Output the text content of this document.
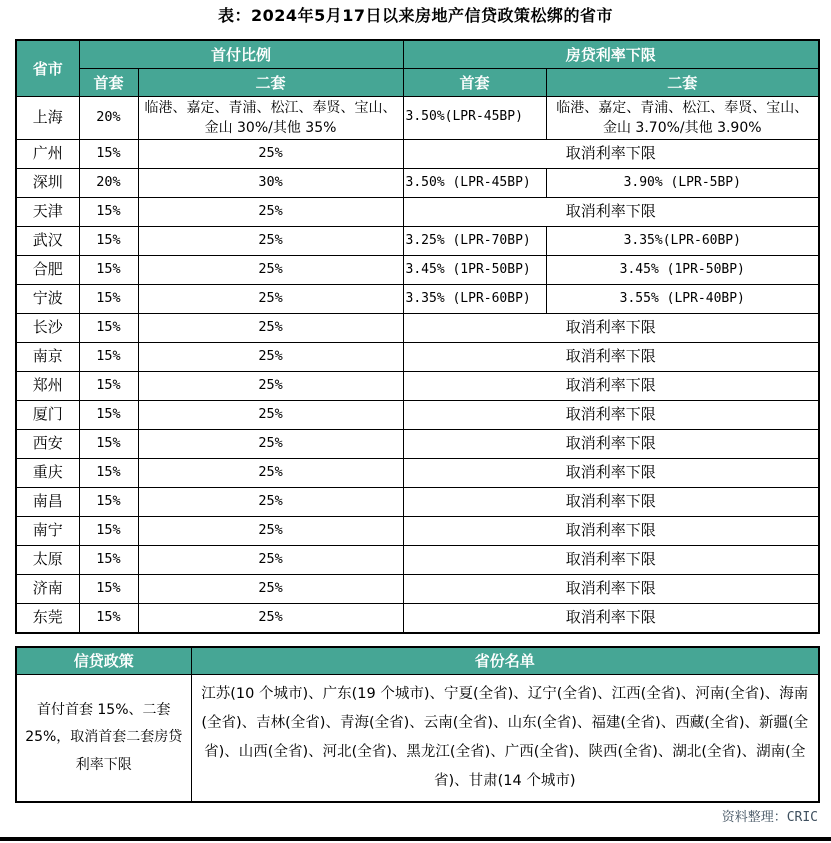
表：2024年5月17日以来房地产信贷政策松绑的省市
省市	首付比例		房贷利率下限	
	首套	二套	首套	二套
上海	20%	临港、嘉定、青浦、松江、奉贤、宝山、金山 30%/其他 35%	3.50%(LPR-45BP)	临港、嘉定、青浦、松江、奉贤、宝山、金山 3.70%/其他 3.90%
广州	15%	25%	取消利率下限	
深圳	20%	30%	3.50% (LPR-45BP)	3.90% (LPR-5BP)
天津	15%	25%	取消利率下限	
武汉	15%	25%	3.25% (LPR-70BP)	3.35%(LPR-60BP)
合肥	15%	25%	3.45% (1PR-50BP)	3.45% (1PR-50BP)
宁波	15%	25%	3.35% (LPR-60BP)	3.55% (LPR-40BP)
长沙	15%	25%	取消利率下限	
南京	15%	25%	取消利率下限	
郑州	15%	25%	取消利率下限	
厦门	15%	25%	取消利率下限	
西安	15%	25%	取消利率下限	
重庆	15%	25%	取消利率下限	
南昌	15%	25%	取消利率下限	
南宁	15%	25%	取消利率下限	
太原	15%	25%	取消利率下限	
济南	15%	25%	取消利率下限	
东莞	15%	25%	取消利率下限	
信贷政策	省份名单
首付首套 15%、二套 25%，取消首套二套房贷利率下限	江苏(10 个城市)、广东(19 个城市)、宁夏(全省)、辽宁(全省)、江西(全省)、河南(全省)、海南(全省)、吉林(全省)、青海(全省)、云南(全省)、山东(全省)、福建(全省)、西藏(全省)、新疆(全省)、山西(全省)、河北(全省)、黑龙江(全省)、广西(全省)、陕西(全省)、湖北(全省)、湖南(全省)、甘肃(14 个城市)
资料整理：CRIC
